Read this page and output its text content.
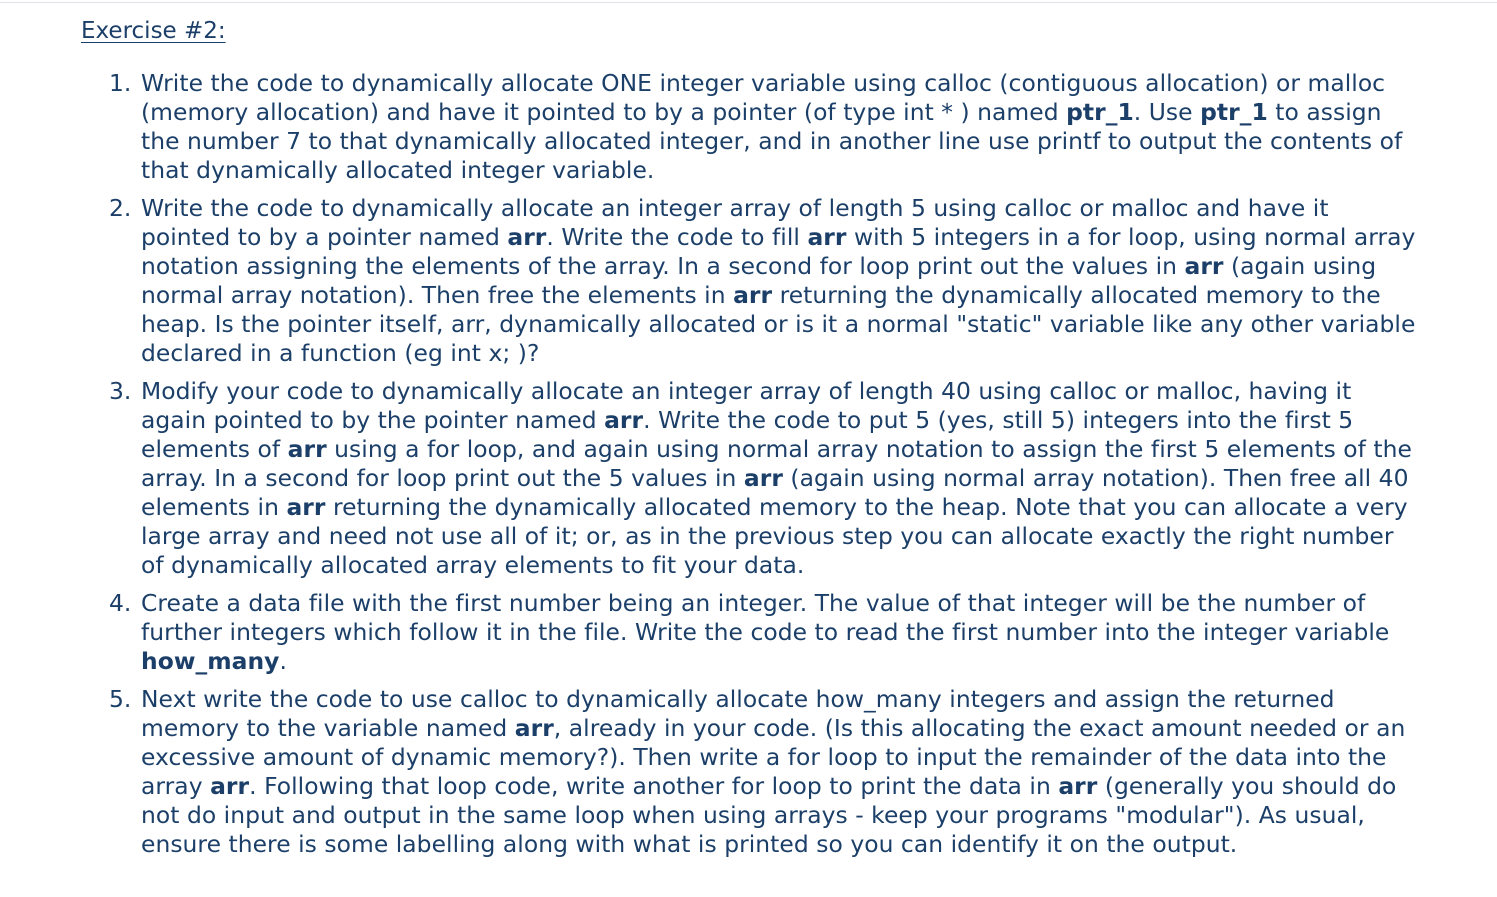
Exercise #2:
1. Write the code to dynamically allocate ONE integer variable using calloc (contiguous allocation) or malloc (memory allocation) and have it pointed to by a pointer (of type int * ) named ptr_1. Use ptr_1 to assign the number 7 to that dynamically allocated integer, and in another line use printf to output the contents of that dynamically allocated integer variable.
2. Write the code to dynamically allocate an integer array of length 5 using calloc or malloc and have it pointed to by a pointer named arr. Write the code to fill arr with 5 integers in a for loop, using normal array notation assigning the elements of the array. In a second for loop print out the values in arr (again using normal array notation). Then free the elements in arr returning the dynamically allocated memory to the heap. Is the pointer itself, arr, dynamically allocated or is it a normal "static" variable like any other variable declared in a function (eg int x; )?
3. Modify your code to dynamically allocate an integer array of length 40 using calloc or malloc, having it again pointed to by the pointer named arr. Write the code to put 5 (yes, still 5) integers into the first 5 elements of arr using a for loop, and again using normal array notation to assign the first 5 elements of the array. In a second for loop print out the 5 values in arr (again using normal array notation). Then free all 40 elements in arr returning the dynamically allocated memory to the heap. Note that you can allocate a very large array and need not use all of it; or, as in the previous step you can allocate exactly the right number of dynamically allocated array elements to fit your data.
4. Create a data file with the first number being an integer. The value of that integer will be the number of further integers which follow it in the file. Write the code to read the first number into the integer variable how_many.
5. Next write the code to use calloc to dynamically allocate how_many integers and assign the returned memory to the variable named arr, already in your code. (Is this allocating the exact amount needed or an excessive amount of dynamic memory?). Then write a for loop to input the remainder of the data into the array arr. Following that loop code, write another for loop to print the data in arr (generally you should do not do input and output in the same loop when using arrays - keep your programs "modular"). As usual, ensure there is some labelling along with what is printed so you can identify it on the output.
